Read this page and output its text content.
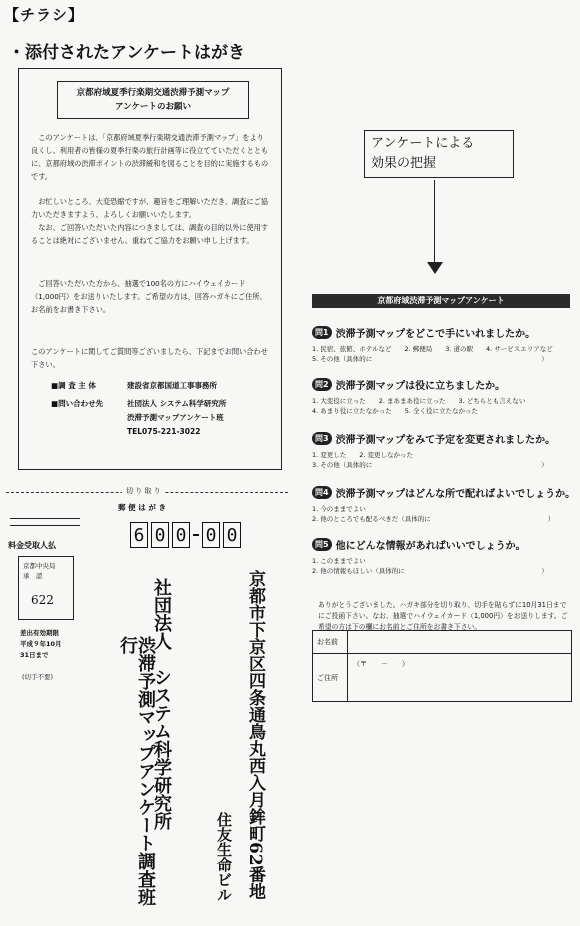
【チラシ】
・添付されたアンケートはがき
京都府域夏季行楽期交通渋滞予測マップ
アンケートのお願い
このアンケートは、「京都府域夏季行楽期交通渋滞予測マップ」をより良くし、利用者の皆様の夏季行楽の旅行計画等に役立てていただくとともに、京都府域の渋滞ポイントの渋滞緩和を図ることを目的に実施するものです。
お忙しいところ、大変恐縮ですが、趣旨をご理解いただき、調査にご協力いただきますよう、よろしくお願いいたします。
なお、ご回答いただいた内容につきましては、調査の目的以外に使用することは絶対にございません。重ねてご協力をお願い申し上げます。
ご回答いただいた方から、抽選で100名の方にハイウェイカード（1,000円）をお送りいたします。ご希望の方は、回答ハガキにご住所、お名前をお書き下さい。
このアンケートに関してご質問等ございましたら、下記までお問い合わせ下さい。
■調 査 主 体	建設省京都国道工事事務所
■問い合わせ先	社団法人 システム科学研究所
渋滞予測マップアンケート班
TEL075-221-3022
切 り 取 り
郵 便 は が き
料金受取人払
京都中央局
承　認
622
差出有効期限
平成９年10月
31日まで
(切手不要)
6 0 0 0 0
京都市下京区四条通鳥丸西入月鉾町62番地
住友生命ビル
社団法人　システム科学研究所
渋滞予測マップアンケート調査班　行
アンケートによる
効果の把握
京都府域渋滞予測マップアンケート
問1 渋滞予測マップをどこで手にいれましたか。
1. 民宿、旅館、ホテルなど　　2. 郵便局　　3. 道の駅　　4. サービスエリアなど
5. その他（具体的に　　　　　　　　　　　　　　　　　　　　　　　　　　）
問2 渋滞予測マップは役に立ちましたか。
1. 大変役に立った　　2. まあまあ役に立った　　3. どちらとも言えない
4. あまり役に立たなかった　　5. 全く役に立たなかった
問3 渋滞予測マップをみて予定を変更されましたか。
1. 変更した　　2. 変更しなかった
3. その他（具体的に　　　　　　　　　　　　　　　　　　　　　　　　　　）
問4 渋滞予測マップはどんな所で配ればよいでしょうか。
1. 今のままでよい
2. 他のところでも配るべきだ（具体的に　　　　　　　　　　　　　　　　　　）
問5 他にどんな情報があればいいでしょうか。
1. このままでよい
2. 他の情報もほしい（具体的に　　　　　　　　　　　　　　　　　　　　　）
ありがとうございました。ハガキ部分を切り取り、切手を貼らずに10月31日までにご投函下さい。なお、抽選でハイウェイカード（1,000円）をお送りします。ご希望の方は下の欄にお名前とご住所をお書き下さい。
お名前
ご住所
（〒　　－　　）
